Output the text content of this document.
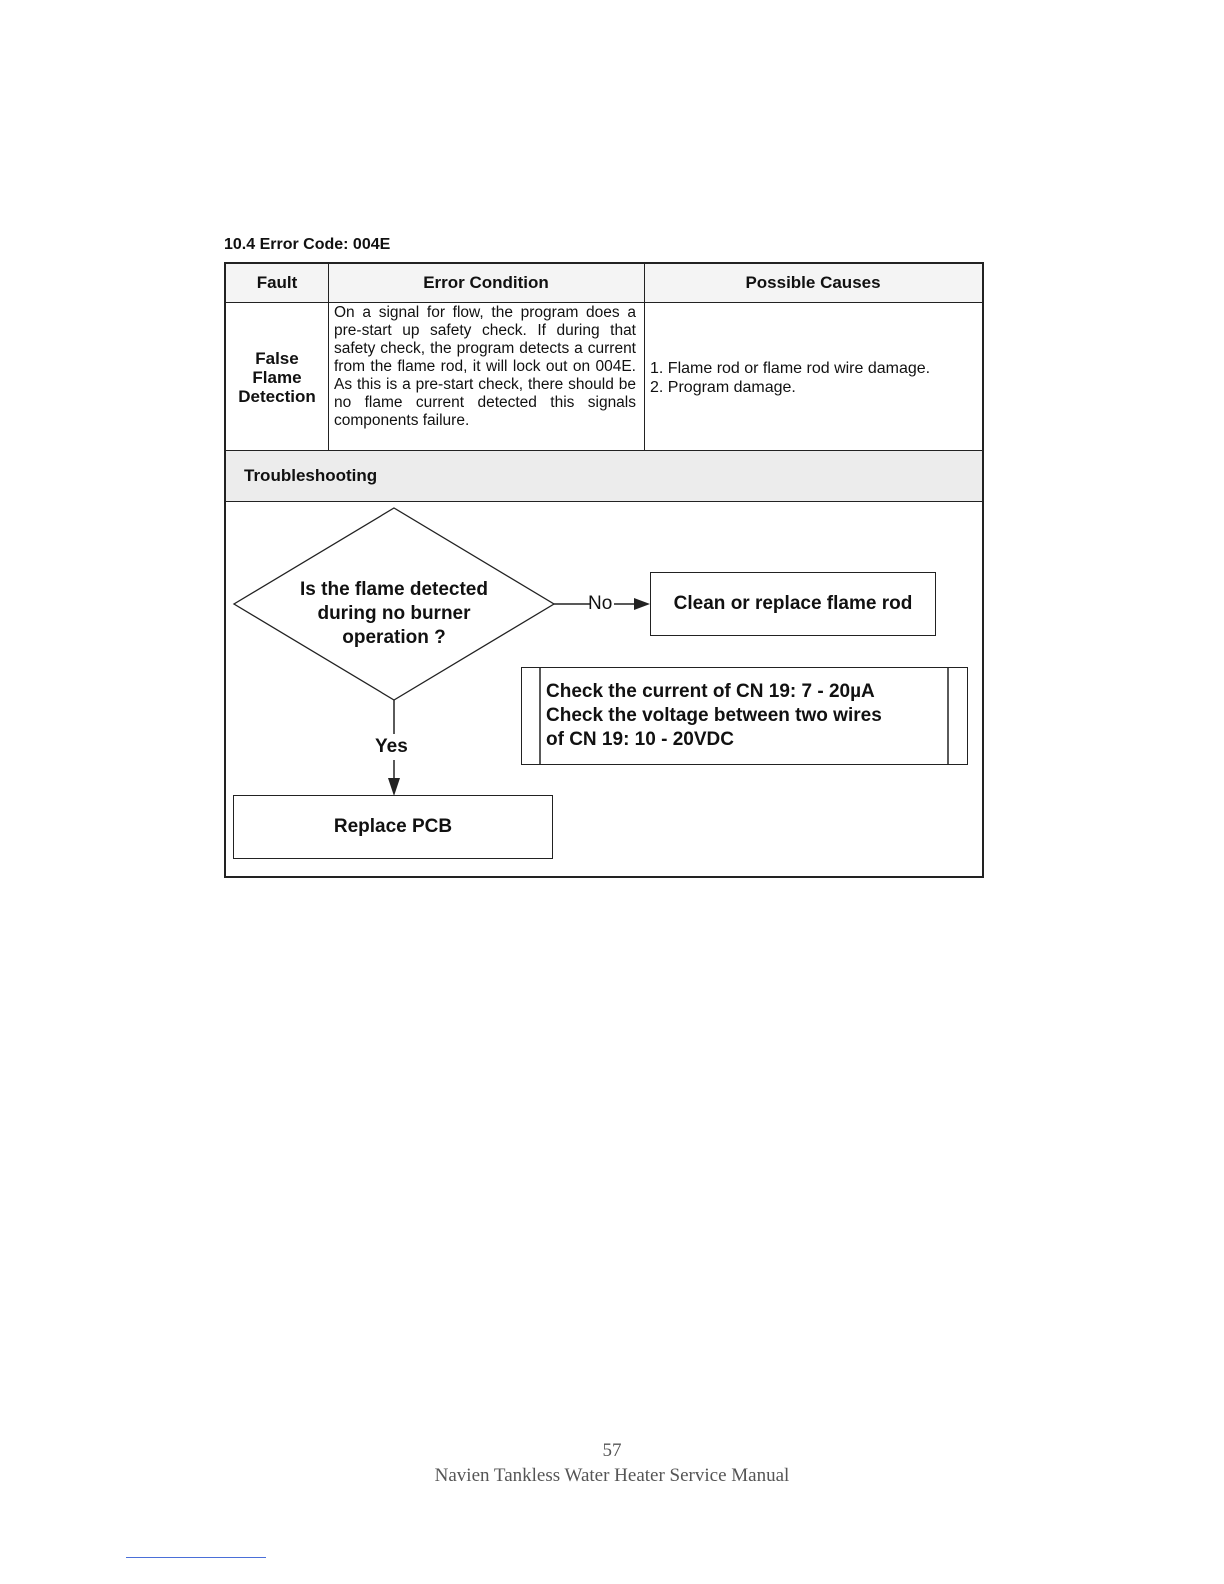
10.4 Error Code: 004E
Fault	Error Condition	Possible Causes
False
Flame
Detection
On a signal for flow, the program does a pre-start up safety check. If during that safety check, the program detects a current from the flame rod, it will lock out on 004E. As this is a pre-start check, there should be no flame current detected this signals components failure.
1. Flame rod or flame rod wire damage.
2. Program damage.
Troubleshooting
Is the flame detected
during no burner
operation ?
No
Yes
Clean or replace flame rod
Check the current of CN 19: 7 - 20µA
Check the voltage between two wires
of CN 19: 10 - 20VDC
Replace PCB
57
Navien Tankless Water Heater Service Manual
